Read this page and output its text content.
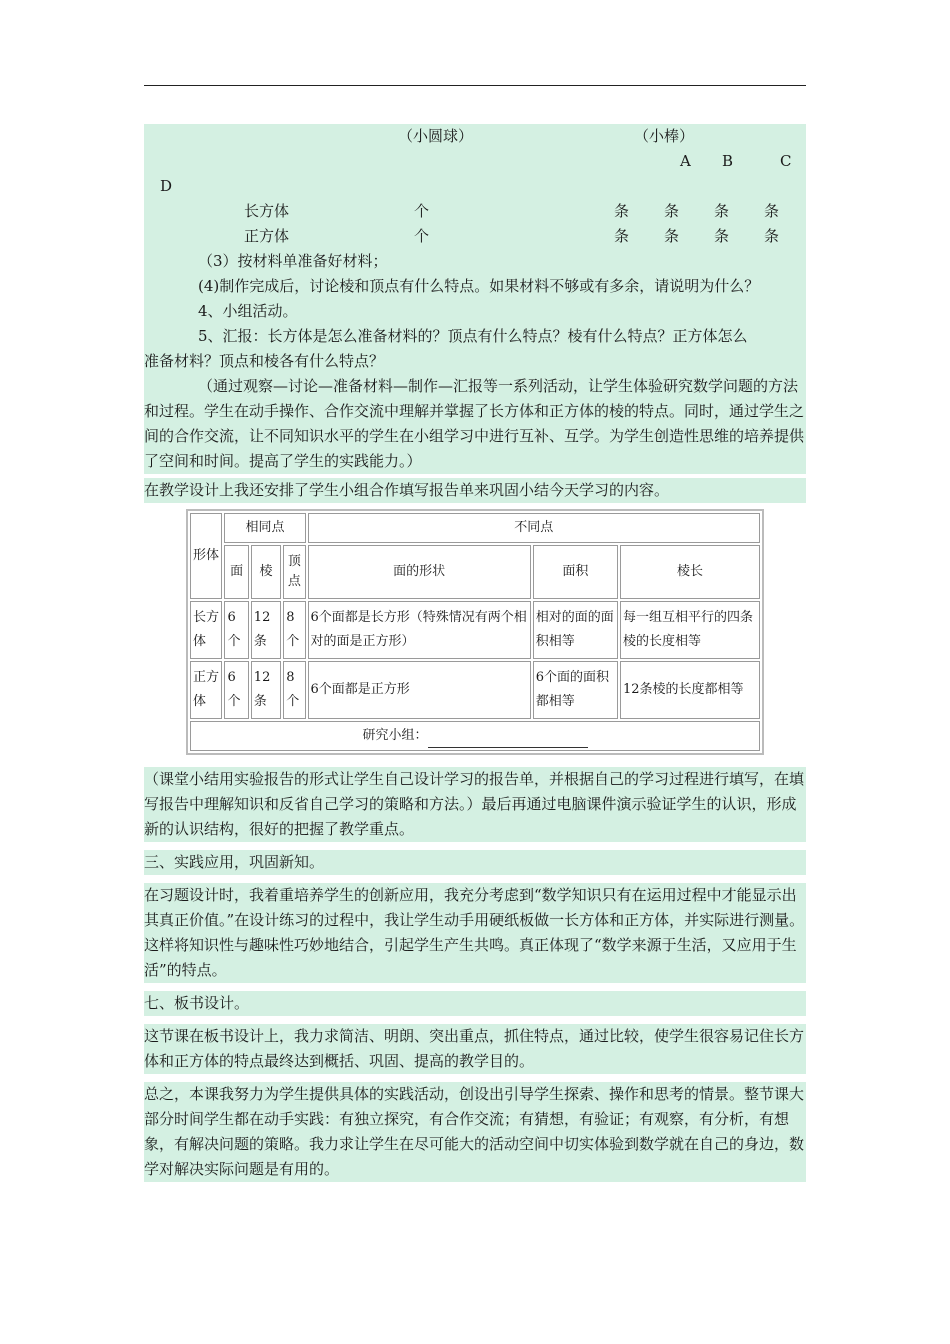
（小圆球）	（小棒）
A B	C
D
长方体	个	条 条 条 条
正方体	个	条 条 条 条
（3）按材料单准备好材料；
(4)制作完成后，讨论棱和顶点有什么特点。如果材料不够或有多余，请说明为什么？
4、小组活动。
5、汇报：长方体是怎么准备材料的？顶点有什么特点？棱有什么特点？正方体怎么
准备材料？顶点和棱各有什么特点？

（通过观察—讨论—准备材料—制作—汇报等一系列活动，让学生体验研究数学问题的方法和过程。学生在动手操作、合作交流中理解并掌握了长方体和正方体的棱的特点。同时，通过学生之间的合作交流，让不同知识水平的学生在小组学习中进行互补、互学。为学生创造性思维的培养提供了空间和时间。提高了学生的实践能力。）

在教学设计上我还安排了学生小组合作填写报告单来巩固小结今天学习的内容。

形体	相同点			不同点		
	面	棱	顶点	面的形状	面积	棱长
长方体	6个	12条	8个	6个面都是长方形（特殊情况有两个相对的面是正方形）	相对的面的面积相等	每一组互相平行的四条棱的长度相等
正方体	6个	12条	8个	6个面都是正方形	6个面的面积都相等	12条棱的长度都相等
研究小组：						

（课堂小结用实验报告的形式让学生自己设计学习的报告单，并根据自己的学习过程进行填写，在填写报告中理解知识和反省自己学习的策略和方法。）最后再通过电脑课件演示验证学生的认识，形成新的认识结构，很好的把握了教学重点。

三、实践应用，巩固新知。

在习题设计时，我着重培养学生的创新应用，我充分考虑到“数学知识只有在运用过程中才能显示出其真正价值。”在设计练习的过程中，我让学生动手用硬纸板做一长方体和正方体，并实际进行测量。这样将知识性与趣味性巧妙地结合，引起学生产生共鸣。真正体现了“数学来源于生活，又应用于生活”的特点。

七、板书设计。

这节课在板书设计上，我力求简洁、明朗、突出重点，抓住特点，通过比较，使学生很容易记住长方体和正方体的特点最终达到概括、巩固、提高的教学目的。

总之，本课我努力为学生提供具体的实践活动，创设出引导学生探索、操作和思考的情景。整节课大部分时间学生都在动手实践：有独立探究，有合作交流；有猜想，有验证；有观察，有分析，有想象，有解决问题的策略。我力求让学生在尽可能大的活动空间中切实体验到数学就在自己的身边，数学对解决实际问题是有用的。
